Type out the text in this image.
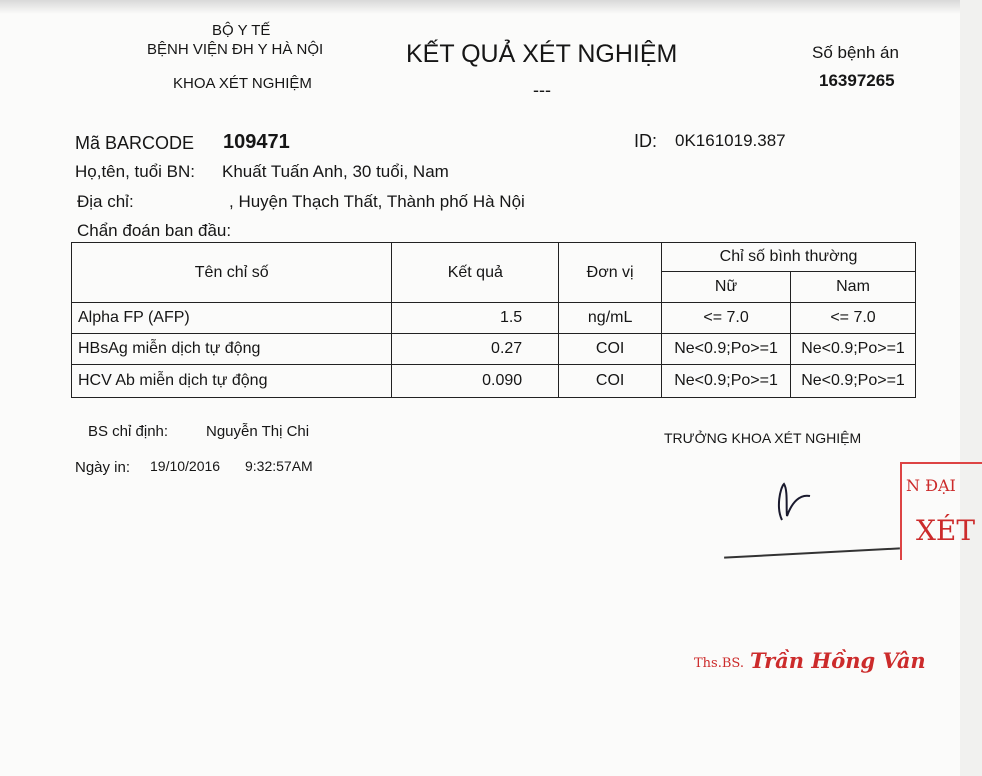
BỘ Y TẾ
BỆNH VIỆN ĐH Y HÀ NỘI
KHOA XÉT NGHIỆM
KẾT QUẢ XÉT NGHIỆM
---
Số bệnh án
16397265
Mã BARCODE 109471	ID: 0K161019.387
Họ,tên, tuổi BN: Khuất Tuấn Anh, 30 tuổi, Nam
Địa chỉ:	, Huyện Thạch Thất, Thành phố Hà Nội
Chẩn đoán ban đầu:
Tên chỉ số	Kết quả	Đơn vị	Chỉ số bình thường	
			Nữ	Nam
Alpha FP (AFP)	1.5	ng/mL	<= 7.0	<= 7.0
HBsAg miễn dịch tự động	0.27	COI	Ne<0.9;Po>=1	Ne<0.9;Po>=1
HCV Ab miễn dịch tự động	0.090	COI	Ne<0.9;Po>=1	Ne<0.9;Po>=1
BS chỉ định:	Nguyễn Thị Chi
Ngày in: 19/10/2016 9:32:57AM
TRƯỞNG KHOA XÉT NGHIỆM
N ĐẠI
XÉT
Ths.BS. Trần Hồng Vân
